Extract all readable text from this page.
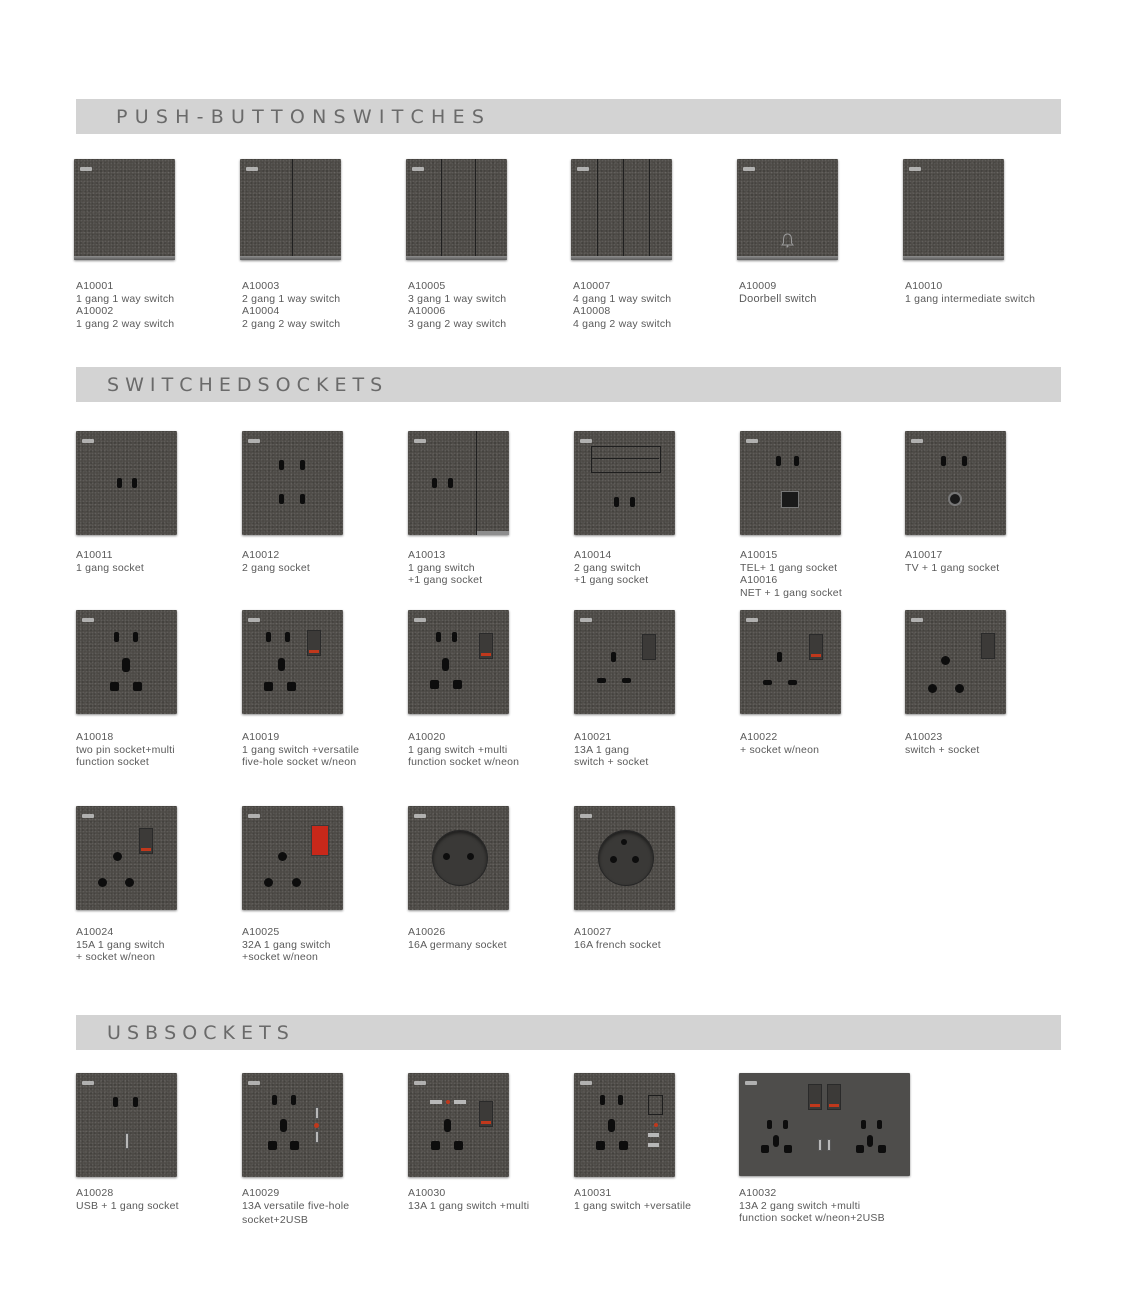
P U S H - B U T T O N S W I T C H E S
S W I T C H E D S O C K E T S
U S B S O C K E T S
A10001
1 gang 1 way switch
A10002
1 gang 2 way switch
A10003
2 gang 1 way switch
A10004
2 gang 2 way switch
A10005
3 gang 1 way switch
A10006
3 gang 2 way switch
A10007
4 gang 1 way switch
A10008
4 gang 2 way switch
A10009
Doorbell switch
A10010
1 gang intermediate switch
A10011
1 gang socket
A10012
2 gang socket
A10013
1 gang switch
+1 gang socket
A10014
2 gang switch
+1 gang socket
A10015
TEL+ 1 gang socket
A10016
NET + 1 gang socket
A10017
TV + 1 gang socket
A10018
two pin socket+multi
function socket
A10019
1 gang switch +versatile
five-hole socket w/neon
A10020
1 gang switch +multi
function socket w/neon
A10021
13A 1 gang
switch + socket
A10022
+ socket w/neon
A10023
switch + socket
A10024
15A 1 gang switch
+ socket w/neon
A10025
32A 1 gang switch
+socket w/neon
A10026
16A germany socket
A10027
16A french socket
A10028
USB + 1 gang socket
A10029
13A versatile five-hole
socket+2USB
A10030
13A 1 gang switch +multi
A10031
1 gang switch +versatile
A10032
13A 2 gang switch +multi
function socket w/neon+2USB
